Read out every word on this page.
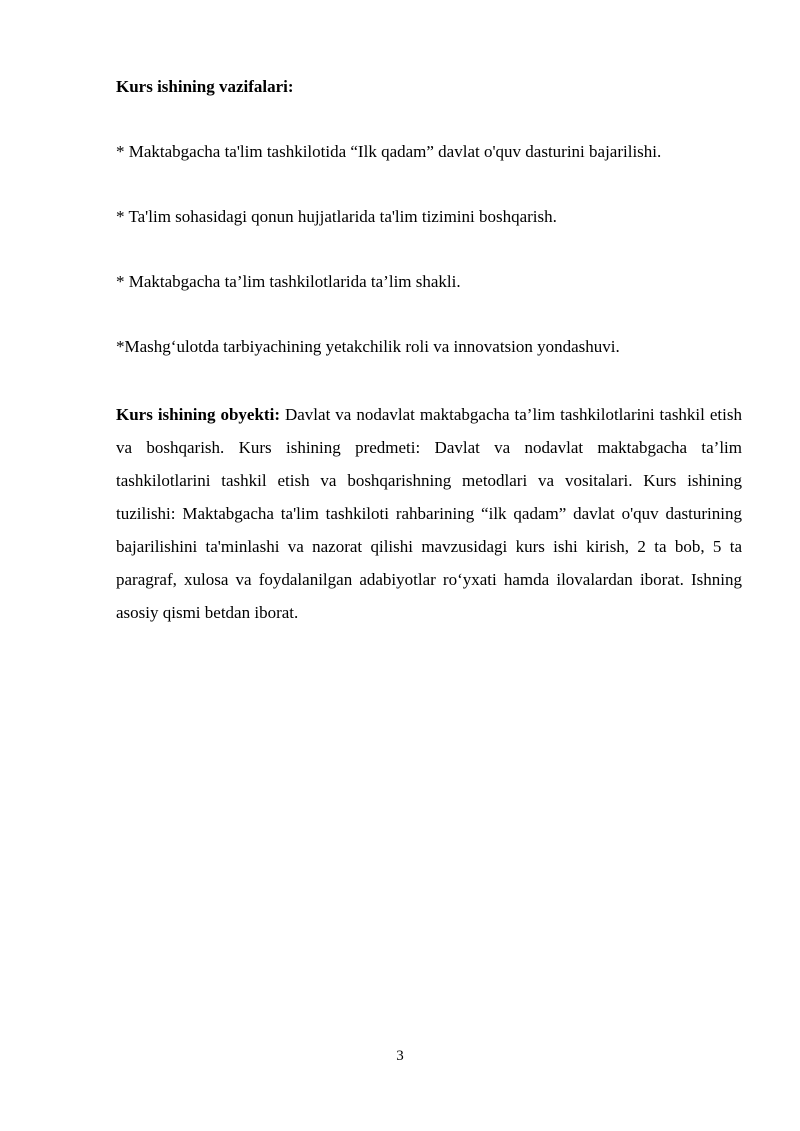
Kurs ishining vazifalari:

* Maktabgacha ta'lim tashkilotida “Ilk qadam” davlat o'quv dasturini bajarilishi.

* Ta'lim sohasidagi qonun hujjatlarida ta'lim tizimini boshqarish.

* Maktabgacha ta’lim tashkilotlarida ta’lim shakli.

*Mashg‘ulotda tarbiyachining yetakchilik roli va innovatsion yondashuvi.

Kurs ishining obyekti: Davlat va nodavlat maktabgacha ta’lim tashkilotlarini tashkil etish va boshqarish. Kurs ishining predmeti: Davlat va nodavlat maktabgacha ta’lim tashkilotlarini tashkil etish va boshqarishning metodlari va vositalari. Kurs ishining tuzilishi: Maktabgacha ta'lim tashkiloti rahbarining “ilk qadam” davlat o'quv dasturining bajarilishini ta'minlashi va nazorat qilishi mavzusidagi kurs ishi kirish, 2 ta bob, 5 ta paragraf, xulosa va foydalanilgan adabiyotlar ro‘yxati hamda ilovalardan iborat. Ishning asosiy qismi betdan iborat.

3
